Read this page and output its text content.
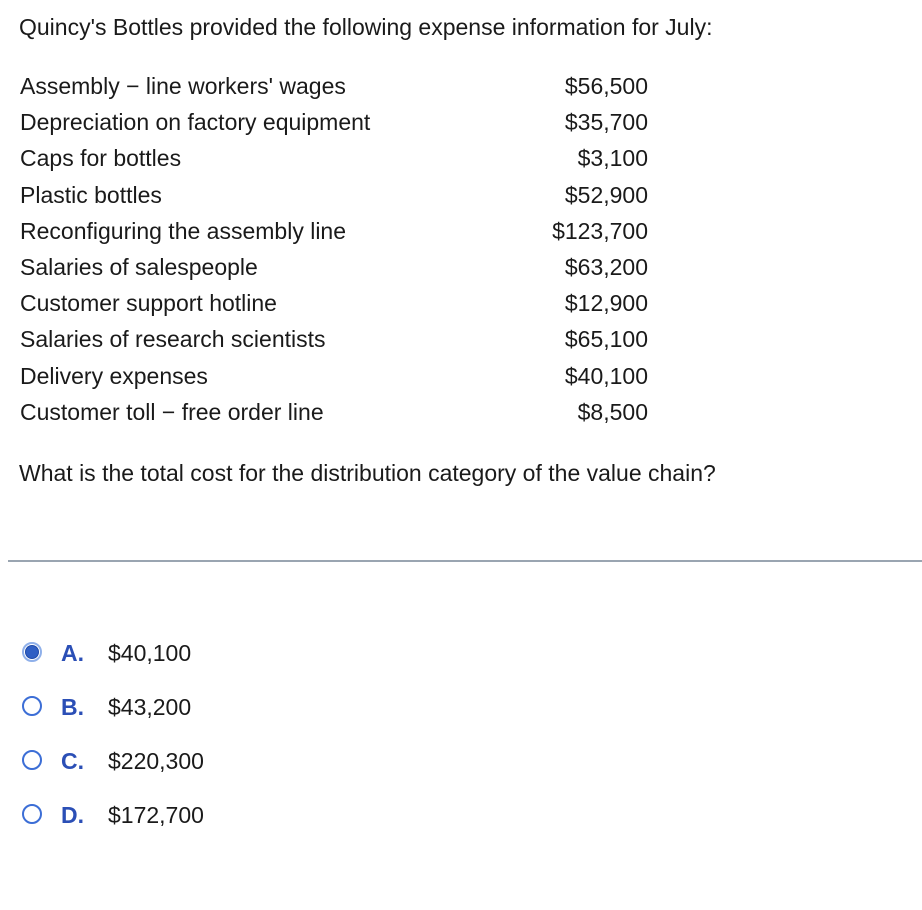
Quincy's Bottles provided the following expense information for July:
Assembly − line workers' wages	$56,500
Depreciation on factory equipment	$35,700
Caps for bottles	$3,100
Plastic bottles	$52,900
Reconfiguring the assembly line	$123,700
Salaries of salespeople	$63,200
Customer support hotline	$12,900
Salaries of research scientists	$65,100
Delivery expenses	$40,100
Customer toll − free order line	$8,500
What is the total cost for the distribution category of the value chain?
A. $40,100
B. $43,200
C. $220,300
D. $172,700
